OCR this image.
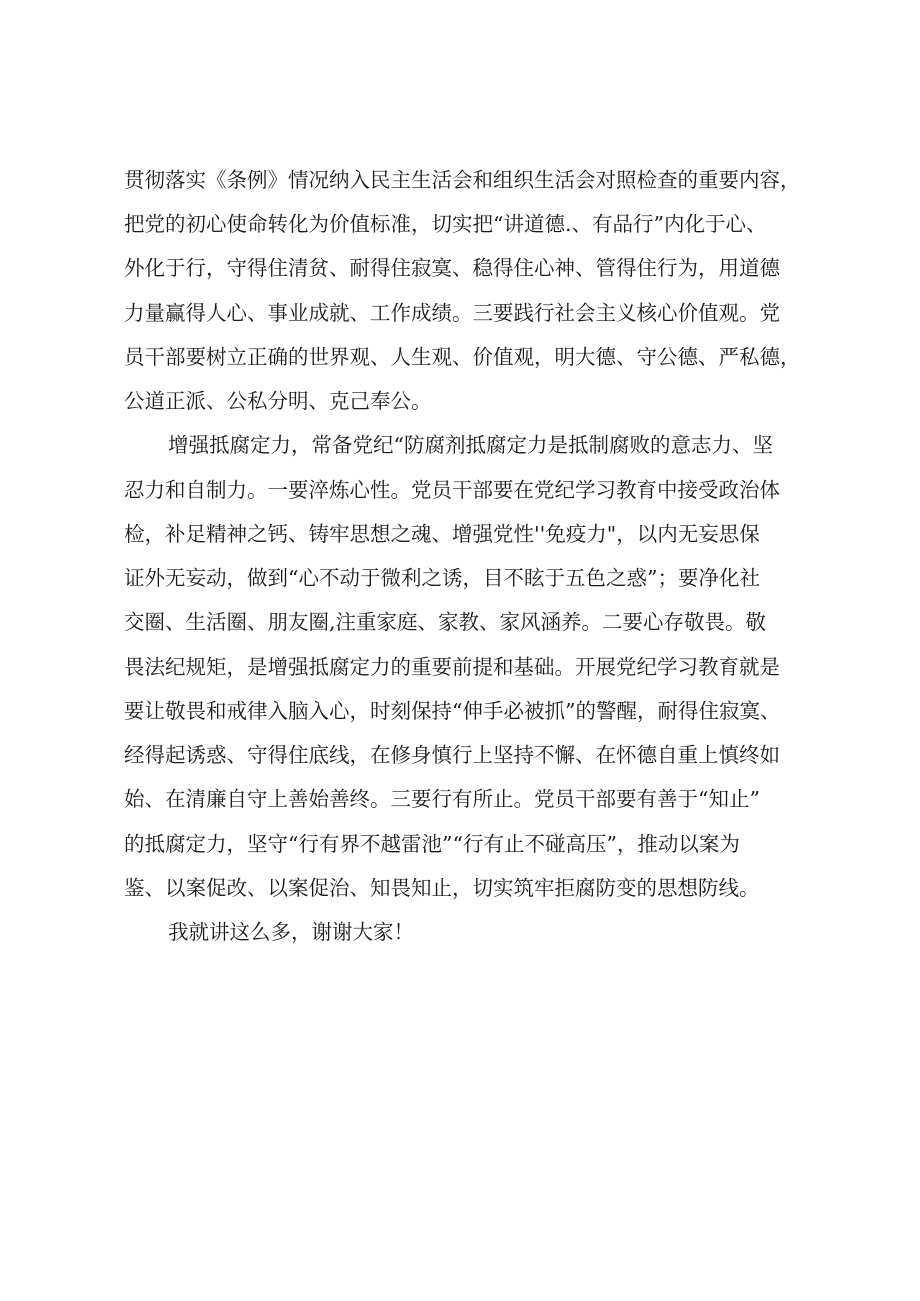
贯彻落实《条例》情况纳入民主生活会和组织生活会对照检查的重要内容，
把党的初心使命转化为价值标准，切实把“讲道德.、有品行”内化于心、
外化于行，守得住清贫、耐得住寂寞、稳得住心神、管得住行为，用道德
力量赢得人心、事业成就、工作成绩。三要践行社会主义核心价值观。党
员干部要树立正确的世界观、人生观、价值观，明大德、守公德、严私德，
公道正派、公私分明、克己奉公。
增强抵腐定力，常备党纪“防腐剂抵腐定力是抵制腐败的意志力、坚
忍力和自制力。一要淬炼心性。党员干部要在党纪学习教育中接受政治体
检，补足精神之钙、铸牢思想之魂、增强党性''免疫力"，以内无妄思保
证外无妄动，做到“心不动于微利之诱，目不眩于五色之惑”；要净化社
交圈、生活圈、朋友圈,注重家庭、家教、家风涵养。二要心存敬畏。敬
畏法纪规矩，是增强抵腐定力的重要前提和基础。开展党纪学习教育就是
要让敬畏和戒律入脑入心，时刻保持“伸手必被抓”的警醒，耐得住寂寞、
经得起诱惑、守得住底线，在修身慎行上坚持不懈、在怀德自重上慎终如
始、在清廉自守上善始善终。三要行有所止。党员干部要有善于“知止”
的抵腐定力，坚守“行有界不越雷池”“行有止不碰高压”，推动以案为
鉴、以案促改、以案促治、知畏知止，切实筑牢拒腐防变的思想防线。
我就讲这么多，谢谢大家！
